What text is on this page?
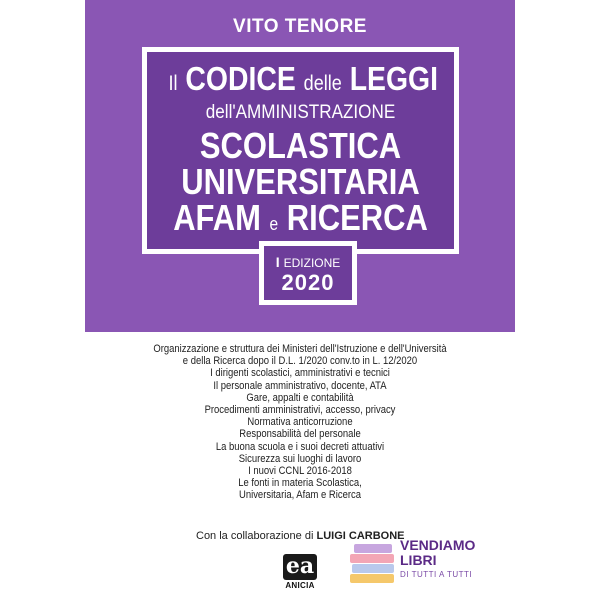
VITO TENORE
Il CODICE delle LEGGI
dell'AMMINISTRAZIONE
SCOLASTICA
UNIVERSITARIA
AFAM e RICERCA
I EDIZIONE
2020
Organizzazione e struttura dei Ministeri dell'Istruzione e dell'Università
e della Ricerca dopo il D.L. 1/2020 conv.to in L. 12/2020
I dirigenti scolastici, amministrativi e tecnici
Il personale amministrativo, docente, ATA
Gare, appalti e contabilità
Procedimenti amministrativi, accesso, privacy
Normativa anticorruzione
Responsabilità del personale
La buona scuola e i suoi decreti attuativi
Sicurezza sui luoghi di lavoro
I nuovi CCNL 2016-2018
Le fonti in materia Scolastica,
Universitaria, Afam e Ricerca
Con la collaborazione di LUIGI CARBONE
ea
ANICIA
VENDIAMO
LIBRI
DI TUTTI A TUTTI
